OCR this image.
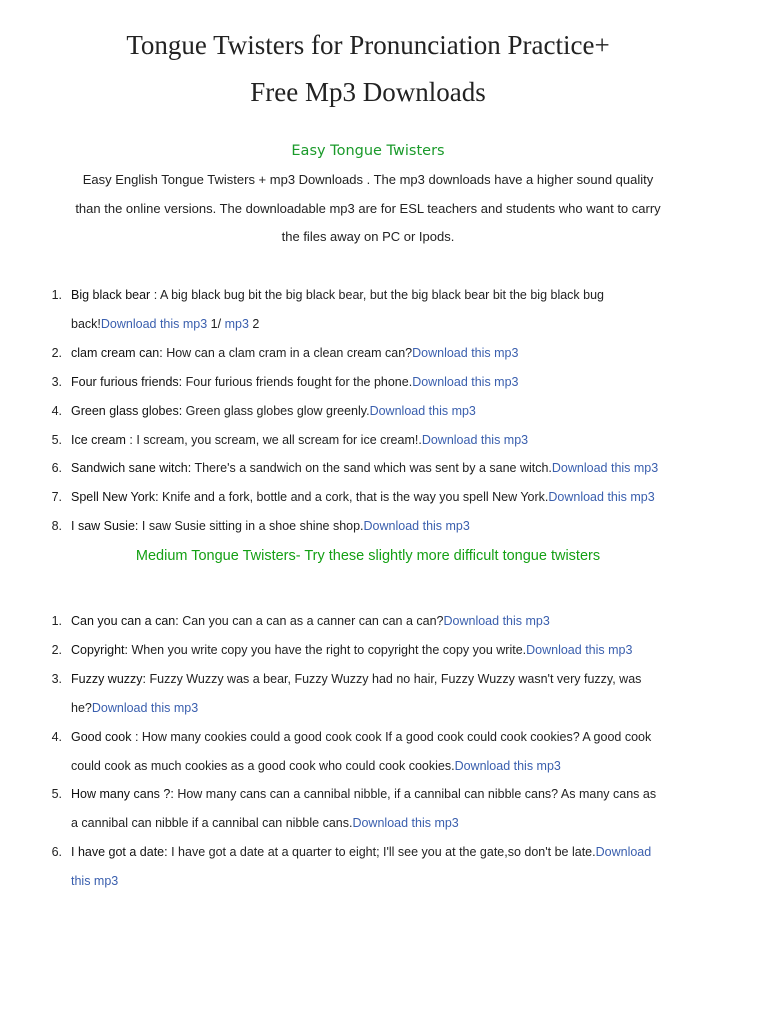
Tongue Twisters for Pronunciation Practice+
Free Mp3 Downloads
Easy Tongue Twisters
Easy English Tongue Twisters + mp3 Downloads . The mp3 downloads have a higher sound quality than the online versions. The downloadable mp3 are for ESL teachers and students who want to carry the files away on PC or Ipods.
1. Big black bear : A big black bug bit the big black bear, but the big black bear bit the big black bug back!Download this mp3 1/ mp3 2
2. clam cream can: How can a clam cram in a clean cream can?Download this mp3
3. Four furious friends: Four furious friends fought for the phone.Download this mp3
4. Green glass globes: Green glass globes glow greenly.Download this mp3
5. Ice cream : I scream, you scream, we all scream for ice cream!.Download this mp3
6. Sandwich sane witch: There's a sandwich on the sand which was sent by a sane witch.Download this mp3
7. Spell New York: Knife and a fork, bottle and a cork, that is the way you spell New York.Download this mp3
8. I saw Susie: I saw Susie sitting in a shoe shine shop.Download this mp3
Medium Tongue Twisters- Try these slightly more difficult tongue twisters
1. Can you can a can: Can you can a can as a canner can can a can?Download this mp3
2. Copyright: When you write copy you have the right to copyright the copy you write.Download this mp3
3. Fuzzy wuzzy: Fuzzy Wuzzy was a bear, Fuzzy Wuzzy had no hair, Fuzzy Wuzzy wasn't very fuzzy, was he?Download this mp3
4. Good cook : How many cookies could a good cook cook If a good cook could cook cookies? A good cook could cook as much cookies as a good cook who could cook cookies.Download this mp3
5. How many cans ?: How many cans can a cannibal nibble, if a cannibal can nibble cans? As many cans as a cannibal can nibble if a cannibal can nibble cans.Download this mp3
6. I have got a date: I have got a date at a quarter to eight; I'll see you at the gate,so don't be late.Download this mp3
